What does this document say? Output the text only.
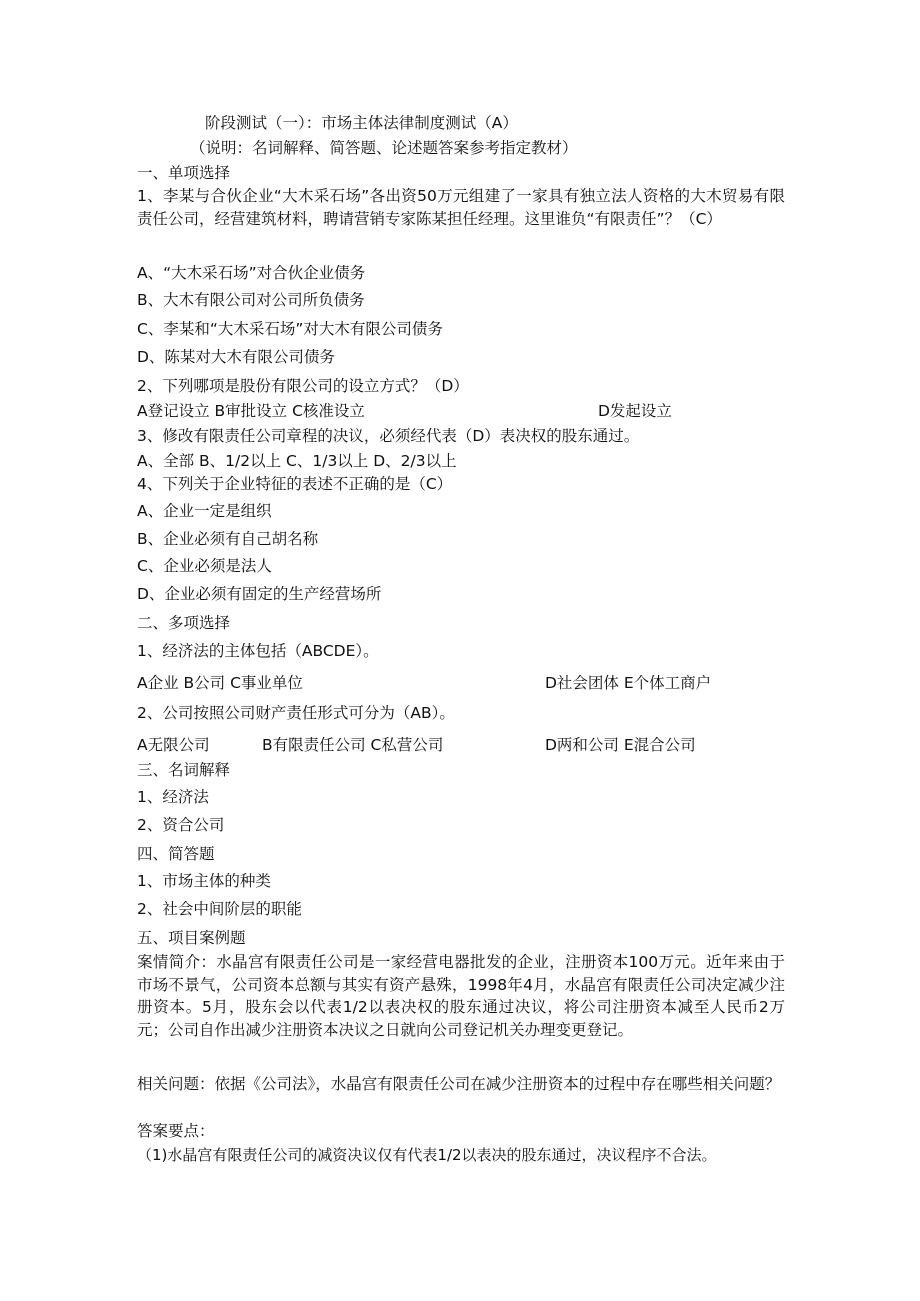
阶段测试（一）：市场主体法律制度测试（A）
（说明：名词解释、简答题、论述题答案参考指定教材）
一、单项选择
1、李某与合伙企业“大木采石场”各出资50万元组建了一家具有独立法人资格的大木贸易有限责任公司，经营建筑材料，聘请营销专家陈某担任经理。这里谁负“有限责任”？（C）
A、“大木采石场”对合伙企业债务
B、大木有限公司对公司所负债务
C、李某和“大木采石场”对大木有限公司债务
D、陈某对大木有限公司债务
2、下列哪项是股份有限公司的设立方式？（D）
A登记设立 B审批设立 C核准设立	D发起设立
3、修改有限责任公司章程的决议，必须经代表（D）表决权的股东通过。
A、全部 B、1/2以上 C、1/3以上 D、2/3以上
4、下列关于企业特征的表述不正确的是（C）
A、企业一定是组织
B、企业必须有自己胡名称
C、企业必须是法人
D、企业必须有固定的生产经营场所
二、多项选择
1、经济法的主体包括（ABCDE）。
A企业 B公司 C事业单位	D社会团体 E个体工商户
2、公司按照公司财产责任形式可分为（AB）。
A无限公司	B有限责任公司 C私营公司	D两和公司 E混合公司
三、名词解释
1、经济法
2、资合公司
四、简答题
1、市场主体的种类
2、社会中间阶层的职能
五、项目案例题
案情简介：水晶宫有限责任公司是一家经营电器批发的企业，注册资本100万元。近年来由于市场不景气，公司资本总额与其实有资产悬殊，1998年4月，水晶宫有限责任公司决定减少注册资本。5月，股东会以代表1/2以表决权的股东通过决议，将公司注册资本减至人民币2万元；公司自作出减少注册资本决议之日就向公司登记机关办理变更登记。
相关问题：依据《公司法》，水晶宫有限责任公司在减少注册资本的过程中存在哪些相关问题？
答案要点：
（1)水晶宫有限责任公司的减资决议仅有代表1/2以表决的股东通过，决议程序不合法。
